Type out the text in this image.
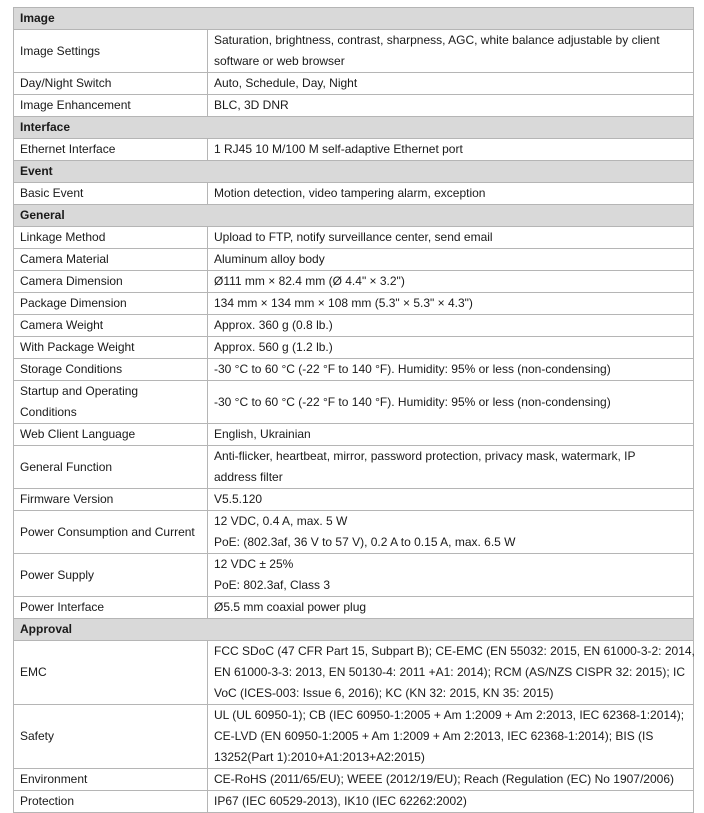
Image	
Image Settings	Saturation, brightness, contrast, sharpness, AGC, white balance adjustable by client
software or web browser

Day/Night Switch	Auto, Schedule, Day, Night

Image Enhancement	BLC, 3D DNR

Interface	
Ethernet Interface	1 RJ45 10 M/100 M self-adaptive Ethernet port

Event	
Basic Event	Motion detection, video tampering alarm, exception

General	
Linkage Method	Upload to FTP, notify surveillance center, send email

Camera Material	Aluminum alloy body

Camera Dimension	Ø111 mm × 82.4 mm (Ø 4.4" × 3.2")

Package Dimension	134 mm × 134 mm × 108 mm (5.3" × 5.3" × 4.3")

Camera Weight	Approx. 360 g (0.8 lb.)

With Package Weight	Approx. 560 g (1.2 lb.)

Storage Conditions	-30 °C to 60 °C (-22 °F to 140 °F). Humidity: 95% or less (non-condensing)

Startup and Operating
Conditions	-30 °C to 60 °C (-22 °F to 140 °F). Humidity: 95% or less (non-condensing)

Web Client Language	English, Ukrainian

General Function	Anti-flicker, heartbeat, mirror, password protection, privacy mask, watermark, IP
address filter

Firmware Version	V5.5.120

Power Consumption and Current	12 VDC, 0.4 A, max. 5 W
PoE: (802.3af, 36 V to 57 V), 0.2 A to 0.15 A, max. 6.5 W

Power Supply	12 VDC ± 25%
PoE: 802.3af, Class 3

Power Interface	Ø5.5 mm coaxial power plug

Approval	
EMC	FCC SDoC (47 CFR Part 15, Subpart B); CE-EMC (EN 55032: 2015, EN 61000-3-2: 2014,
EN 61000-3-3: 2013, EN 50130-4: 2011 +A1: 2014); RCM (AS/NZS CISPR 32: 2015); IC
VoC (ICES-003: Issue 6, 2016); KC (KN 32: 2015, KN 35: 2015)

Safety	UL (UL 60950-1); CB (IEC 60950-1:2005 + Am 1:2009 + Am 2:2013, IEC 62368-1:2014);
CE-LVD (EN 60950-1:2005 + Am 1:2009 + Am 2:2013, IEC 62368-1:2014); BIS (IS
13252(Part 1):2010+A1:2013+A2:2015)

Environment	CE-RoHS (2011/65/EU); WEEE (2012/19/EU); Reach (Regulation (EC) No 1907/2006)

Protection	IP67 (IEC 60529-2013), IK10 (IEC 62262:2002)
